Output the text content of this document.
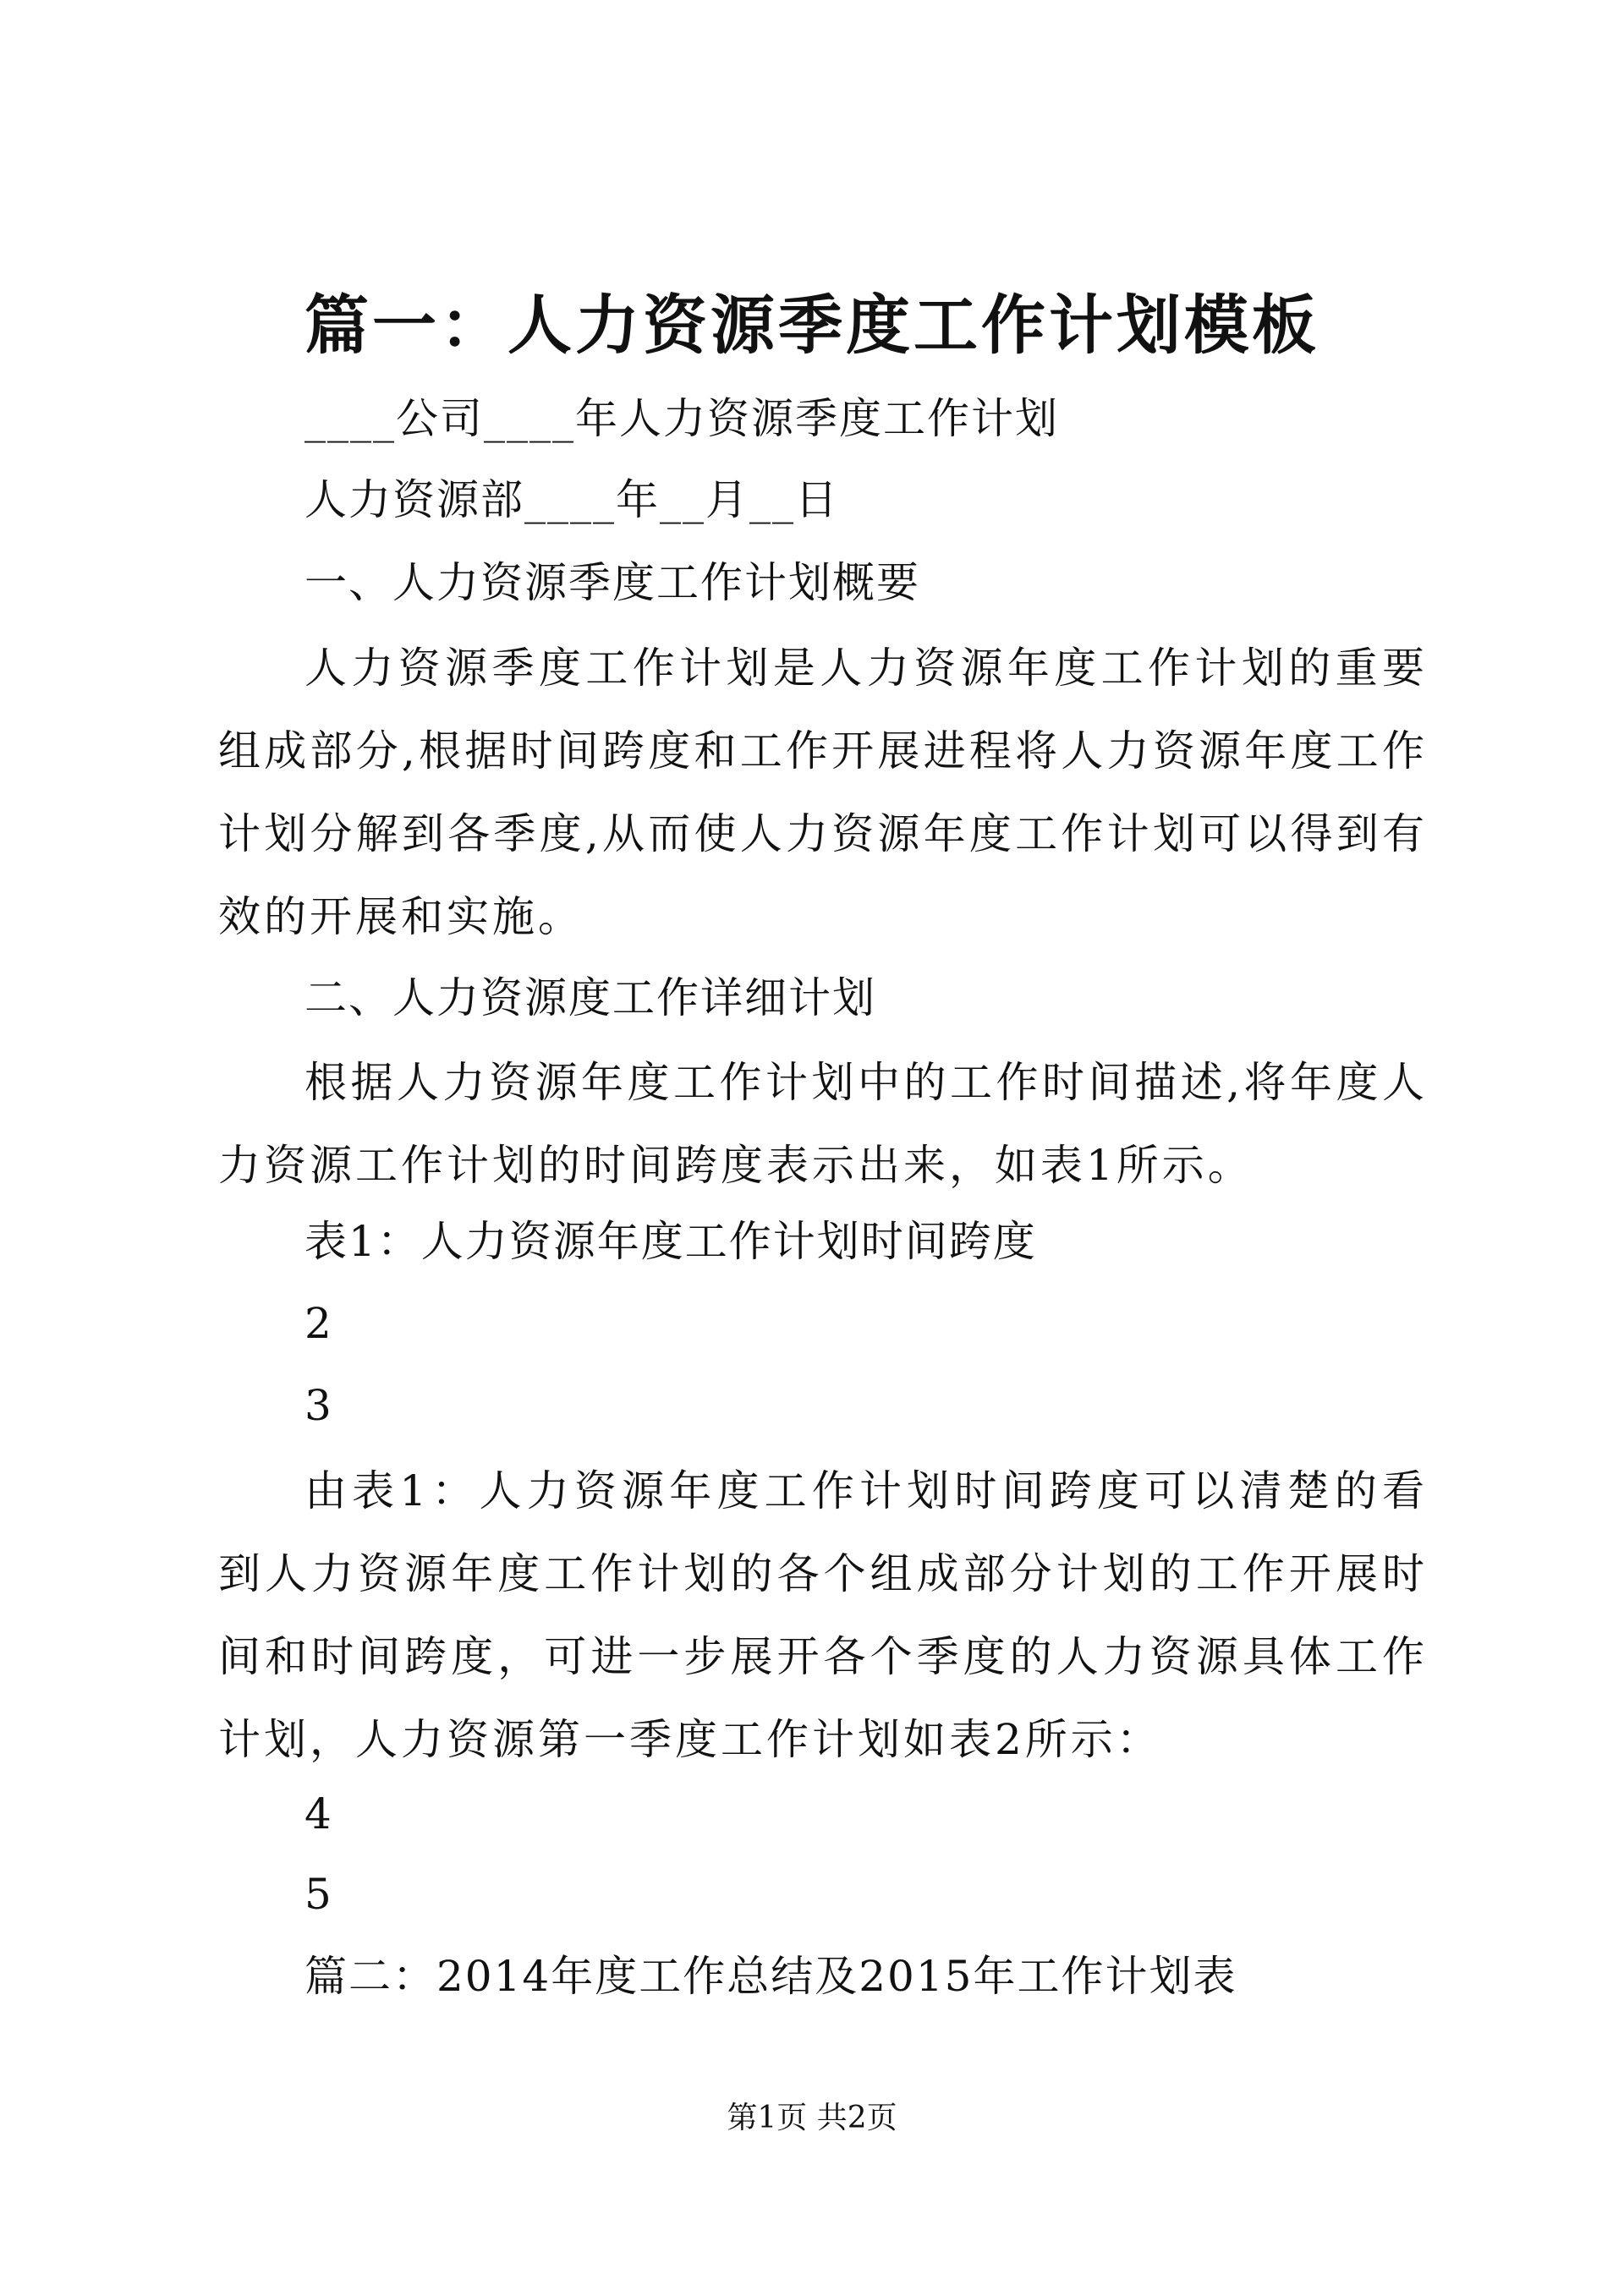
篇一：人力资源季度工作计划模板

____公司____年人力资源季度工作计划

人力资源部____年__月__日

一、人力资源季度工作计划概要

人力资源季度工作计划是人力资源年度工作计划的重要组成部分,根据时间跨度和工作开展进程将人力资源年度工作计划分解到各季度,从而使人力资源年度工作计划可以得到有效的开展和实施。

二、人力资源度工作详细计划

根据人力资源年度工作计划中的工作时间描述,将年度人力资源工作计划的时间跨度表示出来，如表1所示。

表1：人力资源年度工作计划时间跨度

2

3

由表1：人力资源年度工作计划时间跨度可以清楚的看到人力资源年度工作计划的各个组成部分计划的工作开展时间和时间跨度，可进一步展开各个季度的人力资源具体工作计划，人力资源第一季度工作计划如表2所示：

4

5

篇二：2014年度工作总结及2015年工作计划表

第1页 共2页
